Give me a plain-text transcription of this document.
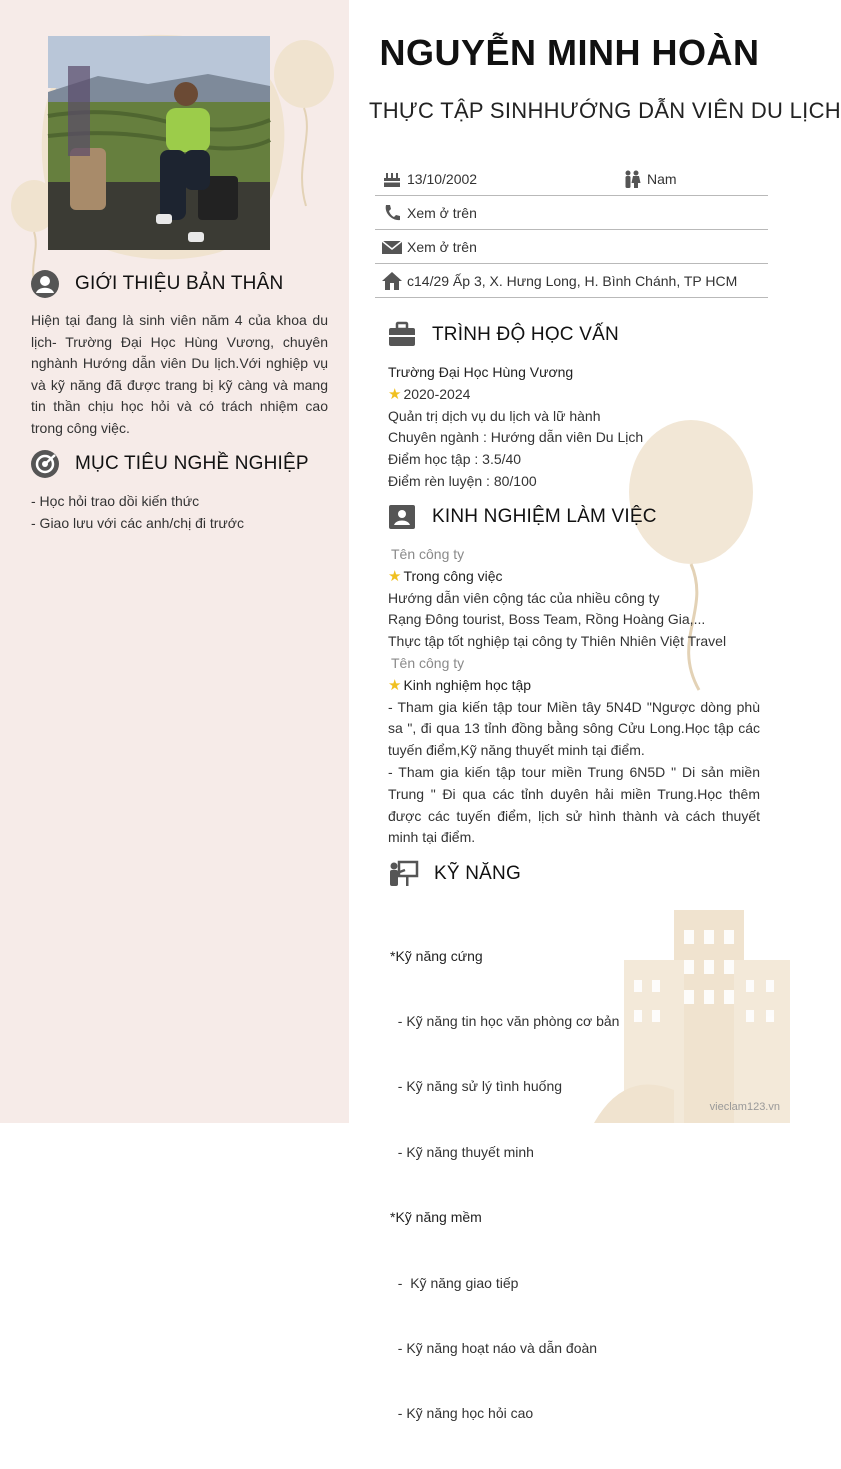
GIỚI THIỆU BẢN THÂN
Hiện tại đang là sinh viên năm 4 của khoa du lịch- Trường Đại Học Hùng Vương, chuyên nghành Hướng dẫn viên Du lịch.Với nghiệp vụ và kỹ năng đã được trang bị kỹ càng và mang tin thần chịu học hỏi và có trách nhiệm cao trong công việc.
MỤC TIÊU NGHỀ NGHIỆP
- Học hỏi trao dồi kiến thức
- Giao lưu với các anh/chị đi trước
NGUYỄN MINH HOÀN
THỰC TẬP SINHHƯỚNG DẪN VIÊN DU LỊCH
13/10/2002	Nam
Xem ở trên
Xem ở trên
c14/29 Ấp 3, X. Hưng Long, H. Bình Chánh, TP HCM
TRÌNH ĐỘ HỌC VẤN
Trường Đại Học Hùng Vương
★ 2020-2024
Quản trị dịch vụ du lịch và lữ hành
Chuyên ngành : Hướng dẫn viên Du Lịch
Điểm học tập : 3.5/40
Điểm rèn luyện : 80/100
KINH NGHIỆM LÀM VIỆC
Tên công ty
★ Trong công việc
Hướng dẫn viên cộng tác của nhiều công ty
Rạng Đông tourist, Boss Team, Rồng Hoàng Gia,...
Thực tập tốt nghiệp tại công ty Thiên Nhiên Việt Travel
Tên công ty
★ Kinh nghiệm học tập
- Tham gia kiến tập tour Miền tây 5N4D "Ngược dòng phù sa ", đi qua 13 tỉnh đồng bằng sông Cửu Long.Học tập các tuyến điểm,Kỹ năng thuyết minh tại điểm.
- Tham gia kiến tập tour miền Trung 6N5D " Di sản miền Trung " Đi qua các tỉnh duyên hải miền Trung.Học thêm được các tuyến điểm, lịch sử hình thành và cách thuyết minh tại điểm.
KỸ NĂNG

*Kỹ năng cứng

- Kỹ năng tin học văn phòng cơ bản

- Kỹ năng sử lý tình huống

- Kỹ năng thuyết minh

*Kỹ năng mềm

-  Kỹ năng giao tiếp

- Kỹ năng hoạt náo và dẫn đoàn

- Kỹ năng học hỏi cao

vieclam123.vn
